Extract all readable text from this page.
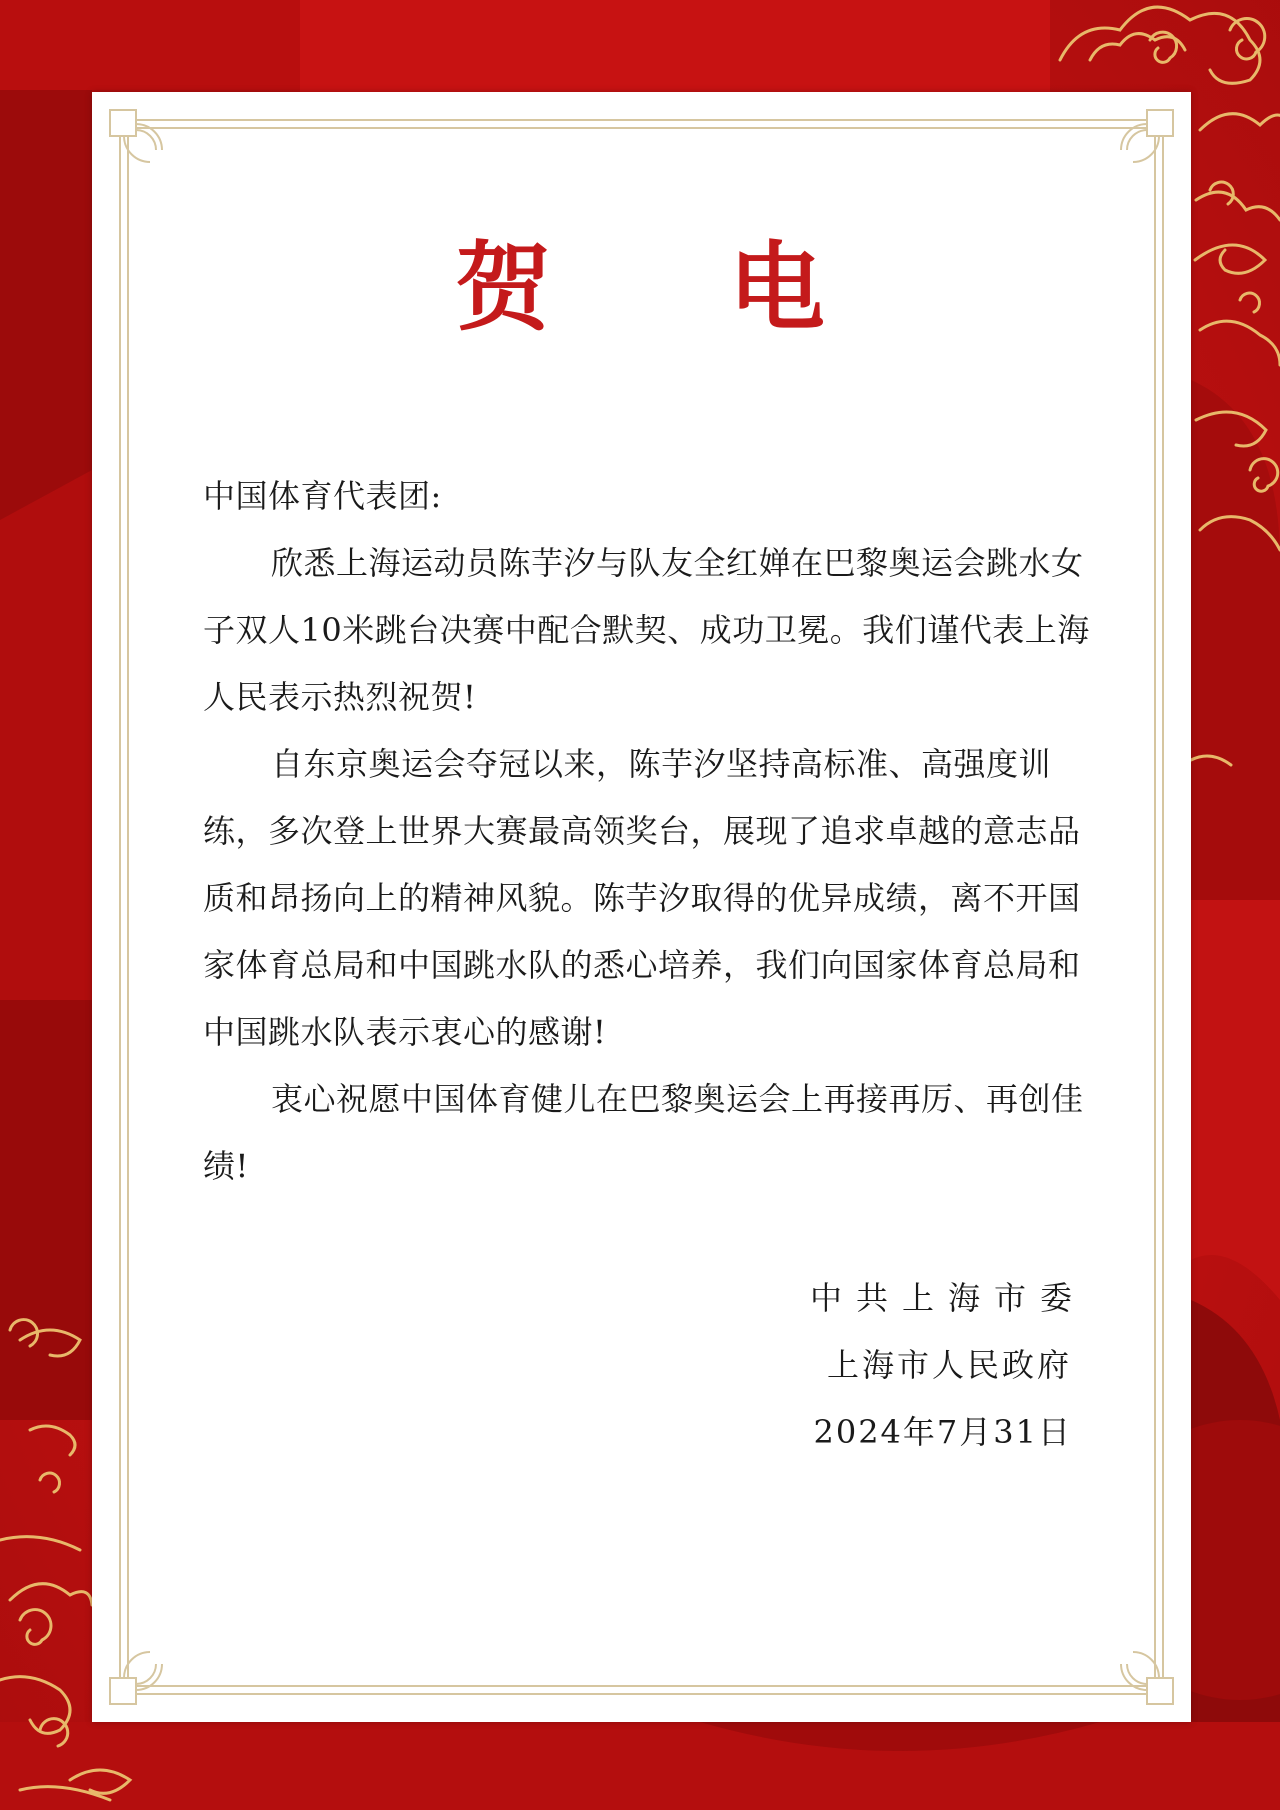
贺 电

中国体育代表团:

欣悉上海运动员陈芋汐与队友全红婵在巴黎奥运会跳水女子双人10米跳台决赛中配合默契、成功卫冕。我们谨代表上海人民表示热烈祝贺!

自东京奥运会夺冠以来，陈芋汐坚持高标准、高强度训练，多次登上世界大赛最高领奖台，展现了追求卓越的意志品质和昂扬向上的精神风貌。陈芋汐取得的优异成绩，离不开国家体育总局和中国跳水队的悉心培养，我们向国家体育总局和中国跳水队表示衷心的感谢!

衷心祝愿中国体育健儿在巴黎奥运会上再接再厉、再创佳绩!

中共上海市委
上海市人民政府
2024年7月31日
